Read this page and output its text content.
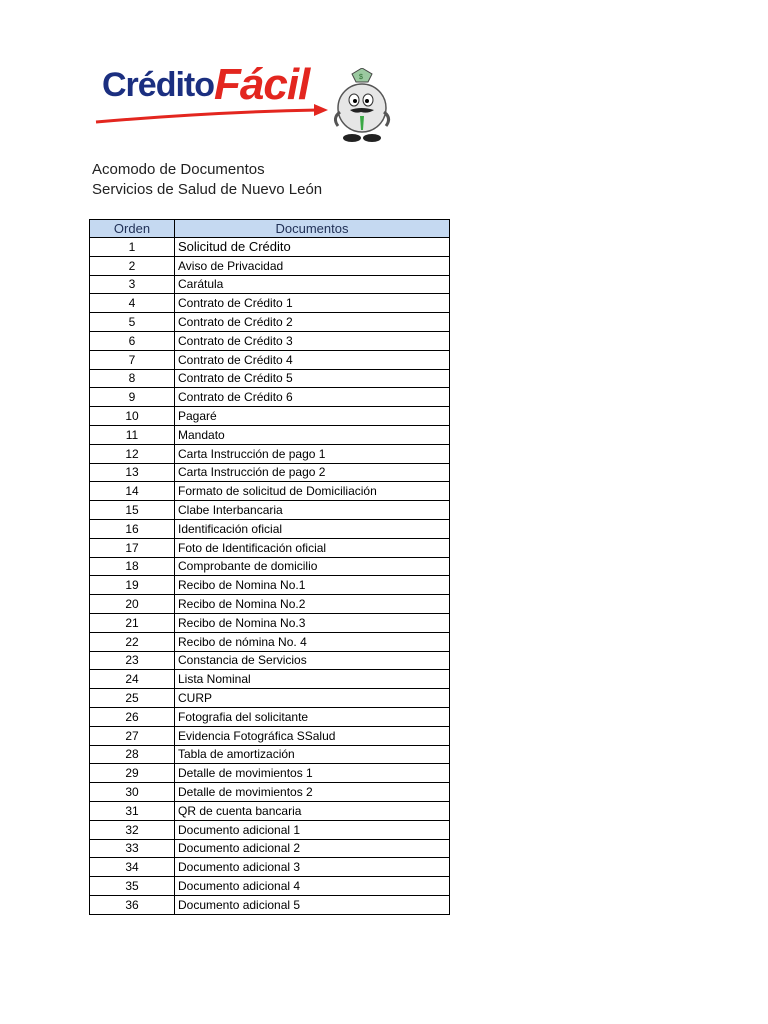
Crédito Fácil	$
Acomodo de Documentos
Servicios de Salud de Nuevo León
Orden	Documentos
1	Solicitud de Crédito
2	Aviso de Privacidad
3	Carátula
4	Contrato de Crédito 1
5	Contrato de Crédito 2
6	Contrato de Crédito 3
7	Contrato de Crédito 4
8	Contrato de Crédito 5
9	Contrato de Crédito 6
10	Pagaré
11	Mandato
12	Carta Instrucción de pago 1
13	Carta Instrucción de pago 2
14	Formato de solicitud de Domiciliación
15	Clabe Interbancaria
16	Identificación oficial
17	Foto de Identificación oficial
18	Comprobante de domicilio
19	Recibo de Nomina No.1
20	Recibo de Nomina No.2
21	Recibo de Nomina No.3
22	Recibo de nómina No. 4
23	Constancia de Servicios
24	Lista Nominal
25	CURP
26	Fotografia del solicitante
27	Evidencia Fotográfica SSalud
28	Tabla de amortización
29	Detalle de movimientos 1
30	Detalle de movimientos 2
31	QR de cuenta bancaria
32	Documento adicional 1
33	Documento adicional 2
34	Documento adicional 3
35	Documento adicional 4
36	Documento adicional 5
